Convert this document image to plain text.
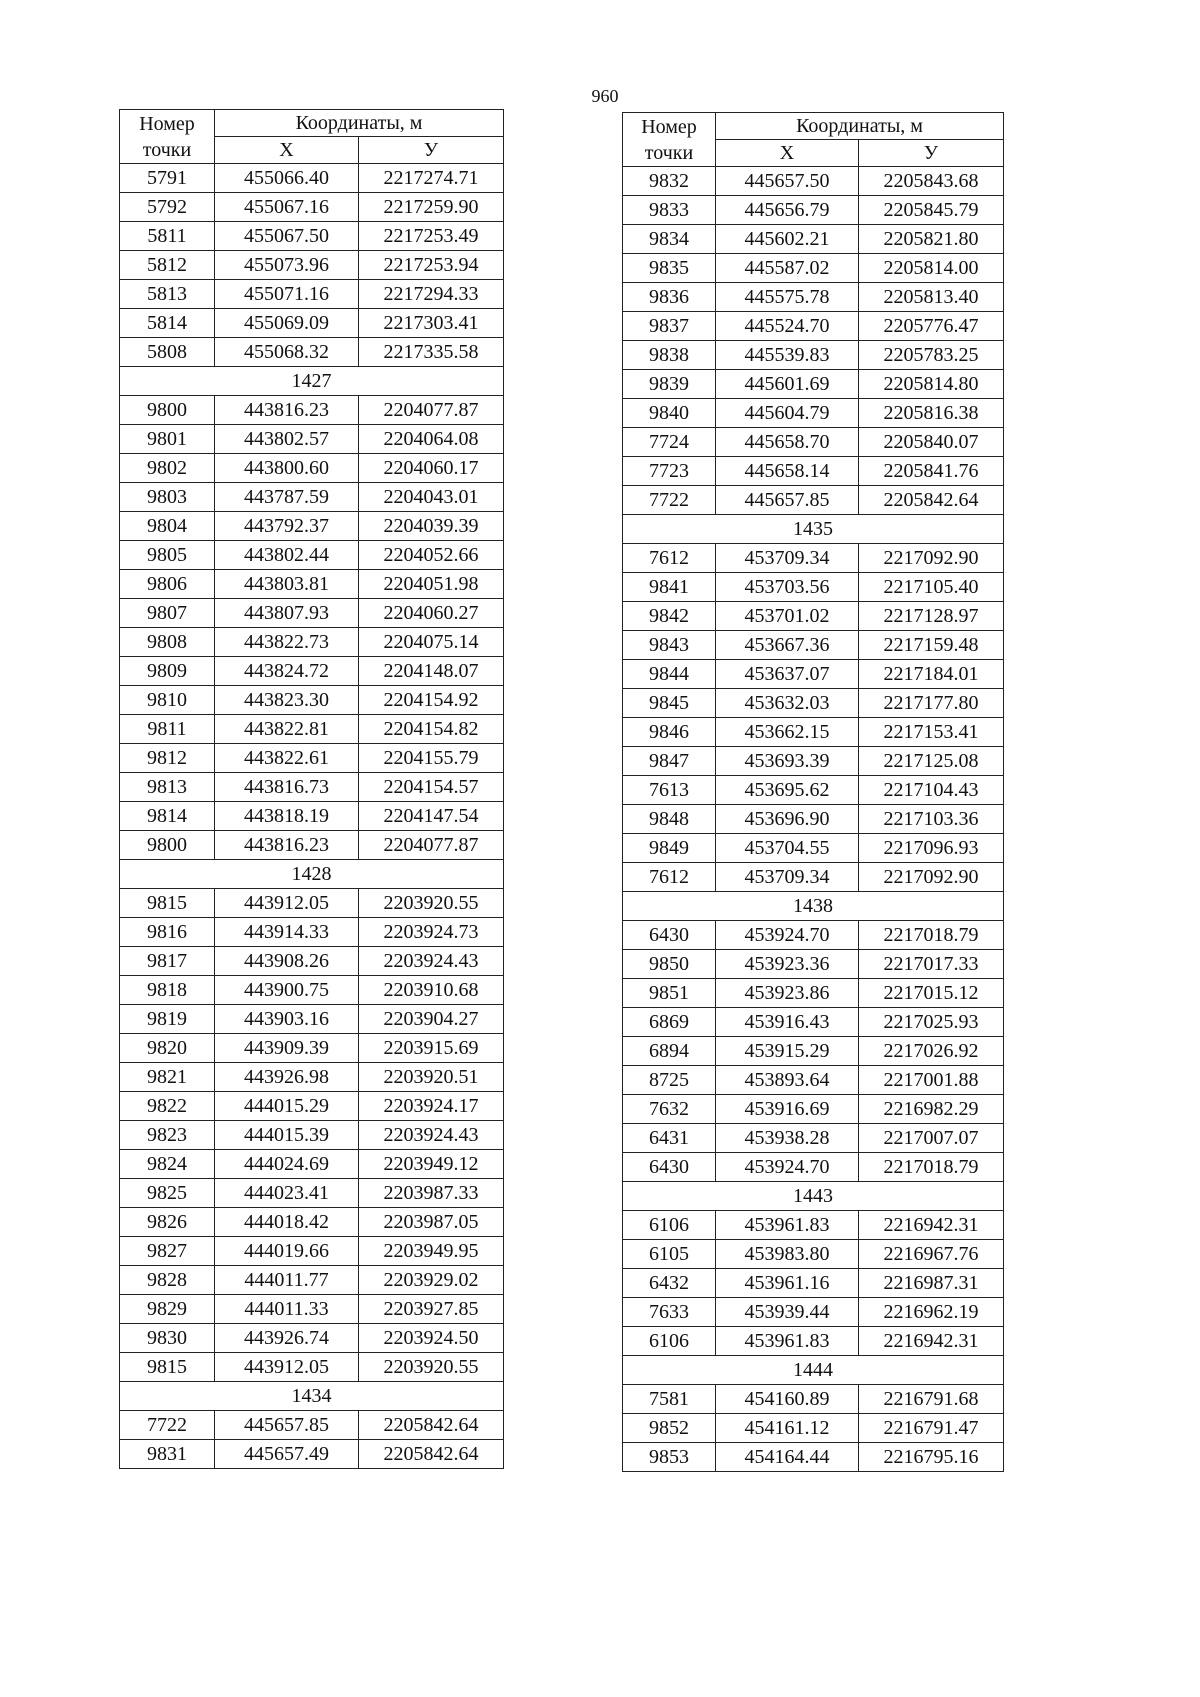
960
Номер
точки	Координаты, м	
	X	У
5791	455066.40	2217274.71
5792	455067.16	2217259.90
5811	455067.50	2217253.49
5812	455073.96	2217253.94
5813	455071.16	2217294.33
5814	455069.09	2217303.41
5808	455068.32	2217335.58
1427		
9800	443816.23	2204077.87
9801	443802.57	2204064.08
9802	443800.60	2204060.17
9803	443787.59	2204043.01
9804	443792.37	2204039.39
9805	443802.44	2204052.66
9806	443803.81	2204051.98
9807	443807.93	2204060.27
9808	443822.73	2204075.14
9809	443824.72	2204148.07
9810	443823.30	2204154.92
9811	443822.81	2204154.82
9812	443822.61	2204155.79
9813	443816.73	2204154.57
9814	443818.19	2204147.54
9800	443816.23	2204077.87
1428		
9815	443912.05	2203920.55
9816	443914.33	2203924.73
9817	443908.26	2203924.43
9818	443900.75	2203910.68
9819	443903.16	2203904.27
9820	443909.39	2203915.69
9821	443926.98	2203920.51
9822	444015.29	2203924.17
9823	444015.39	2203924.43
9824	444024.69	2203949.12
9825	444023.41	2203987.33
9826	444018.42	2203987.05
9827	444019.66	2203949.95
9828	444011.77	2203929.02
9829	444011.33	2203927.85
9830	443926.74	2203924.50
9815	443912.05	2203920.55
1434		
7722	445657.85	2205842.64
9831	445657.49	2205842.64
Номер
точки	Координаты, м	
	X	У
9832	445657.50	2205843.68
9833	445656.79	2205845.79
9834	445602.21	2205821.80
9835	445587.02	2205814.00
9836	445575.78	2205813.40
9837	445524.70	2205776.47
9838	445539.83	2205783.25
9839	445601.69	2205814.80
9840	445604.79	2205816.38
7724	445658.70	2205840.07
7723	445658.14	2205841.76
7722	445657.85	2205842.64
1435		
7612	453709.34	2217092.90
9841	453703.56	2217105.40
9842	453701.02	2217128.97
9843	453667.36	2217159.48
9844	453637.07	2217184.01
9845	453632.03	2217177.80
9846	453662.15	2217153.41
9847	453693.39	2217125.08
7613	453695.62	2217104.43
9848	453696.90	2217103.36
9849	453704.55	2217096.93
7612	453709.34	2217092.90
1438		
6430	453924.70	2217018.79
9850	453923.36	2217017.33
9851	453923.86	2217015.12
6869	453916.43	2217025.93
6894	453915.29	2217026.92
8725	453893.64	2217001.88
7632	453916.69	2216982.29
6431	453938.28	2217007.07
6430	453924.70	2217018.79
1443		
6106	453961.83	2216942.31
6105	453983.80	2216967.76
6432	453961.16	2216987.31
7633	453939.44	2216962.19
6106	453961.83	2216942.31
1444		
7581	454160.89	2216791.68
9852	454161.12	2216791.47
9853	454164.44	2216795.16
